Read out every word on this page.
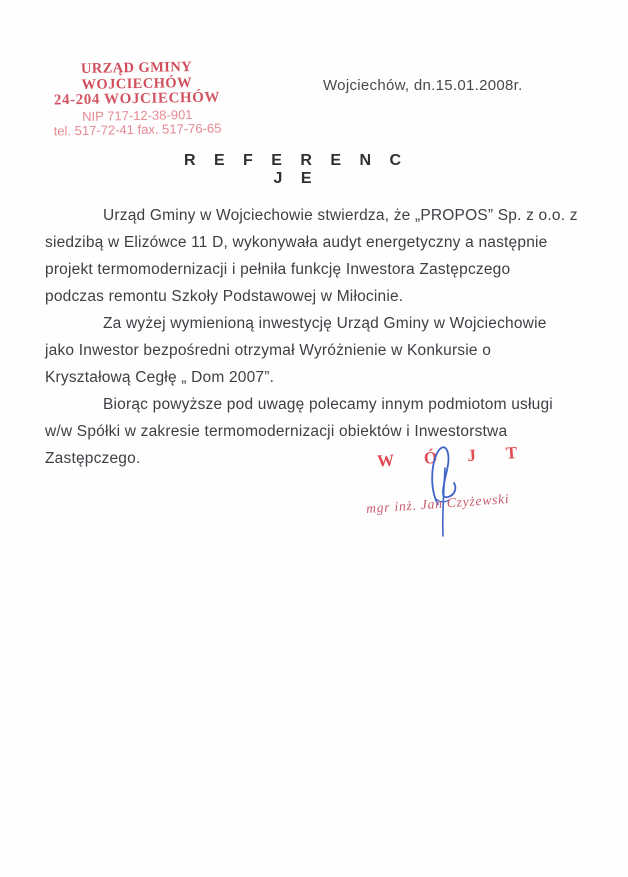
URZĄD GMINY WOJCIECHÓW
24-204 WOJCIECHÓW
NIP 717-12-38-901
tel. 517-72-41 fax. 517-76-65
Wojciechów, dn.15.01.2008r.
R E F E R E N C J E
Urząd Gminy w Wojciechowie stwierdza, że „PROPOS” Sp. z o.o. z
siedzibą w Elizówce 11 D, wykonywała audyt energetyczny a następnie
projekt termomodernizacji i pełniła funkcję Inwestora Zastępczego
podczas remontu Szkoły Podstawowej w Miłocinie.
Za wyżej wymienioną inwestycję Urząd Gminy w Wojciechowie
jako Inwestor bezpośredni otrzymał Wyróżnienie w Konkursie o
Kryształową Cegłę „ Dom 2007”.
Biorąc powyższe pod uwagę polecamy innym podmiotom usługi
w/w Spółki w zakresie termomodernizacji obiektów i Inwestorstwa
Zastępczego.	W Ó J T
mgr inż. Jan Czyżewski
